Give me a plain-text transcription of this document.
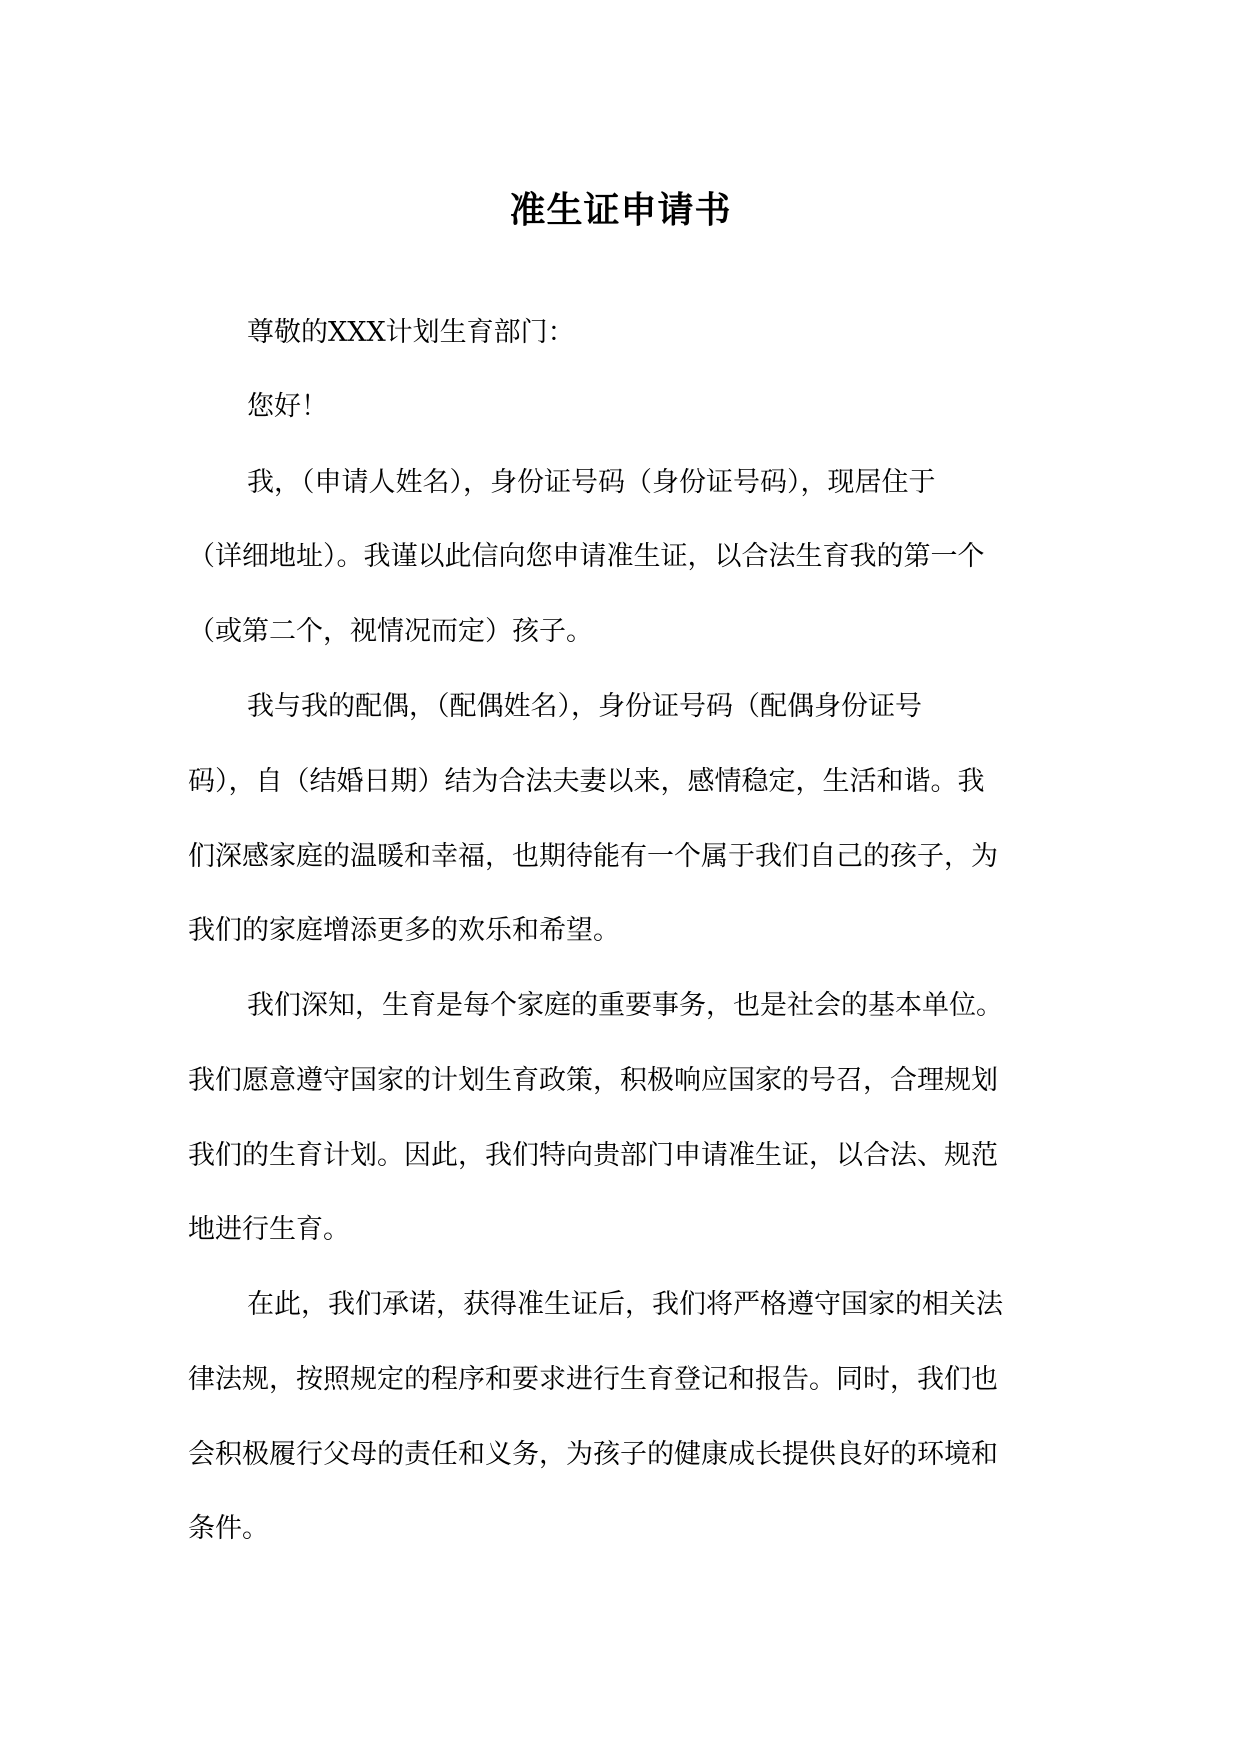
准生证申请书
尊敬的XXX计划生育部门：
您好！
我，（申请人姓名），身份证号码（身份证号码），现居住于
（详细地址）。我谨以此信向您申请准生证，以合法生育我的第一个
（或第二个，视情况而定）孩子。
我与我的配偶，（配偶姓名），身份证号码（配偶身份证号
码），自（结婚日期）结为合法夫妻以来，感情稳定，生活和谐。我
们深感家庭的温暖和幸福，也期待能有一个属于我们自己的孩子，为
我们的家庭增添更多的欢乐和希望。
我们深知，生育是每个家庭的重要事务，也是社会的基本单位。
我们愿意遵守国家的计划生育政策，积极响应国家的号召，合理规划
我们的生育计划。因此，我们特向贵部门申请准生证，以合法、规范
地进行生育。
在此，我们承诺，获得准生证后，我们将严格遵守国家的相关法
律法规，按照规定的程序和要求进行生育登记和报告。同时，我们也
会积极履行父母的责任和义务，为孩子的健康成长提供良好的环境和
条件。
